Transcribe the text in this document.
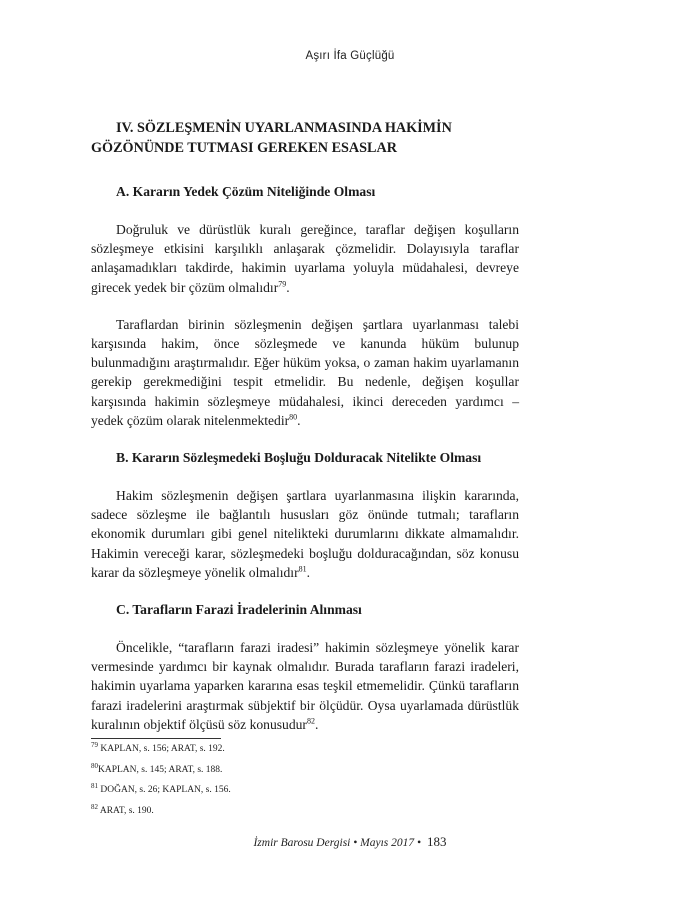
Aşırı İfa Güçlüğü
IV. SÖZLEŞMENİN UYARLANMASINDA HAKİMİN GÖZÖNÜNDE TUTMASI GEREKEN ESASLAR
A. Kararın Yedek Çözüm Niteliğinde Olması

Doğruluk ve dürüstlük kuralı gereğince, taraflar değişen koşulların sözleşmeye etkisini karşılıklı anlaşarak çözmelidir. Dolayısıyla taraflar anlaşamadıkları takdirde, hakimin uyarlama yoluyla müdahalesi, devreye girecek yedek bir çözüm olmalıdır$^{79}$.

Taraflardan birinin sözleşmenin değişen şartlara uyarlanması talebi karşısında hakim, önce sözleşmede ve kanunda hüküm bulunup bulunmadığını araştırmalıdır. Eğer hüküm yoksa, o zaman hakim uyarlamanın gerekip gerekmediğini tespit etmelidir. Bu nedenle, değişen koşullar karşısında hakimin sözleşmeye müdahalesi, ikinci dereceden yardımcı – yedek çözüm olarak nitelenmektedir$^{80}$.

B. Kararın Sözleşmedeki Boşluğu Dolduracak Nitelikte Olması

Hakim sözleşmenin değişen şartlara uyarlanmasına ilişkin kararında, sadece sözleşme ile bağlantılı hususları göz önünde tutmalı; tarafların ekonomik durumları gibi genel nitelikteki durumlarını dikkate almamalıdır. Hakimin vereceği karar, sözleşmedeki boşluğu dolduracağından, söz konusu karar da sözleşmeye yönelik olmalıdır$^{81}$.

C. Tarafların Farazi İradelerinin Alınması

Öncelikle, “tarafların farazi iradesi” hakimin sözleşmeye yönelik karar vermesinde yardımcı bir kaynak olmalıdır. Burada tarafların farazi iradeleri, hakimin uyarlama yaparken kararına esas teşkil etmemelidir. Çünkü tarafların farazi iradelerini araştırmak sübjektif bir ölçüdür. Oysa uyarlamada dürüstlük kuralının objektif ölçüsü söz konusudur$^{82}$.

$^{79}$ KAPLAN, s. 156; ARAT, s. 192.
$^{80}$KAPLAN, s. 145; ARAT, s. 188.
$^{81}$ DOĞAN, s. 26; KAPLAN, s. 156.
$^{82}$ ARAT, s. 190.
İzmir Barosu Dergisi • Mayıs 2017 • 183
